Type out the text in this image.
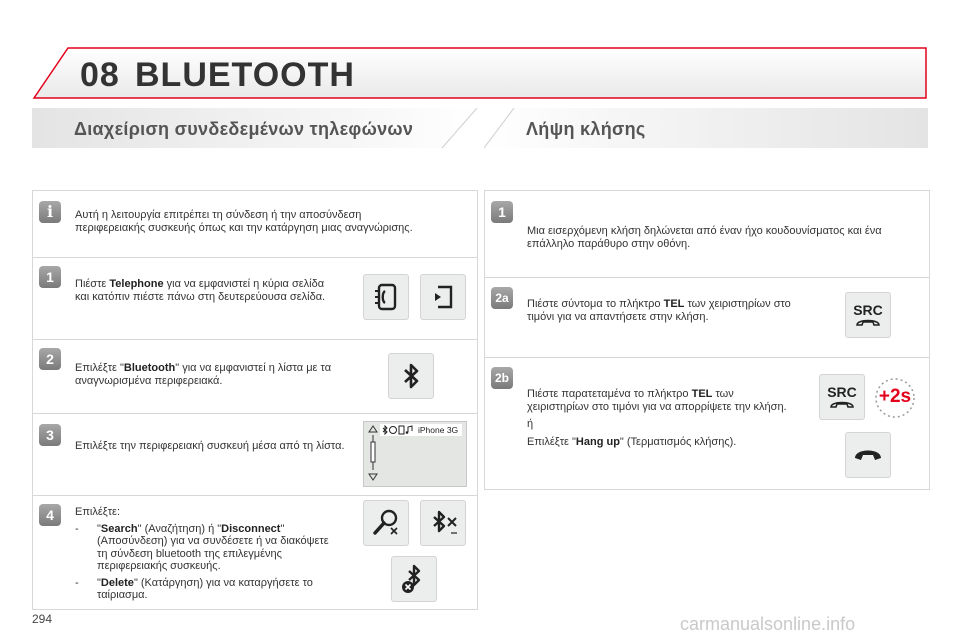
08 BLUETOOTH
Διαχείριση συνδεδεμένων τηλεφώνων	Λήψη κλήσης
i	Αυτή η λειτουργία επιτρέπει τη σύνδεση ή την αποσύνδεση περιφερειακής συσκευής όπως και την κατάργηση μιας αναγνώρισης.
1	Πιέστε Telephone για να εμφανιστεί η κύρια σελίδα και κατόπιν πιέστε πάνω στη δευτερεύουσα σελίδα.
2
Επιλέξτε "Bluetooth" για να εμφανιστεί η λίστα με τα αναγνωρισμένα περιφερειακά.
3
Επιλέξτε την περιφερειακή συσκευή μέσα από τη λίστα.
iPhone 3G
4	Επιλέξτε:
- "Search" (Αναζήτηση) ή "Disconnect" (Αποσύνδεση) για να συνδέσετε ή να διακόψετε τη σύνδεση bluetooth της επιλεγμένης περιφερειακής συσκευής.
- "Delete" (Κατάργηση) για να καταργήσετε το ταίριασμα.
1
Μια εισερχόμενη κλήση δηλώνεται από έναν ήχο κουδουνίσματος και ένα επάλληλο παράθυρο στην οθόνη.
2a	Πιέστε σύντομα το πλήκτρο TEL των χειριστηρίων στο τιμόνι για να απαντήσετε στην κλήση.	SRC
2b
Πιέστε παρατεταμένα το πλήκτρο TEL των χειριστηρίων στο τιμόνι για να απορρίψετε την κλήση.
ή
Επιλέξτε "Hang up" (Τερματισμός κλήσης).
SRC	+2s
294	carmanualsonline.info
